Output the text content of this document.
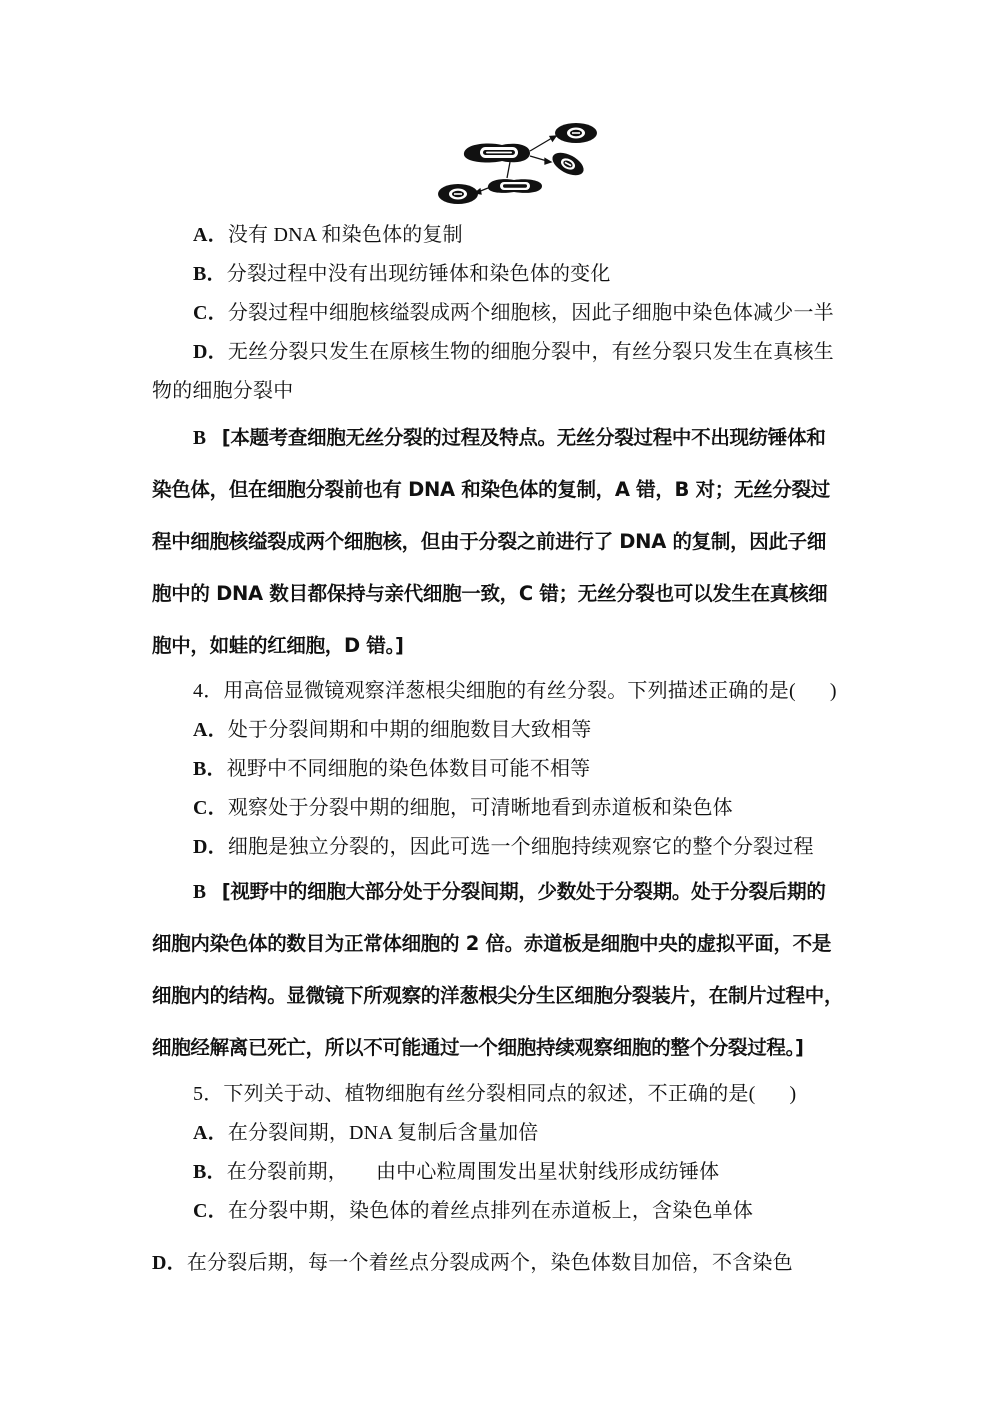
A．没有 DNA 和染色体的复制
B．分裂过程中没有出现纺锤体和染色体的变化
C．分裂过程中细胞核缢裂成两个细胞核，因此子细胞中染色体减少一半
D．无丝分裂只发生在原核生物的细胞分裂中，有丝分裂只发生在真核生
物的细胞分裂中
B [本题考查细胞无丝分裂的过程及特点。无丝分裂过程中不出现纺锤体和
染色体，但在细胞分裂前也有 DNA 和染色体的复制，A 错，B 对；无丝分裂过
程中细胞核缢裂成两个细胞核，但由于分裂之前进行了 DNA 的复制，因此子细
胞中的 DNA 数目都保持与亲代细胞一致，C 错；无丝分裂也可以发生在真核细
胞中，如蛙的红细胞，D 错。]
4．用高倍显微镜观察洋葱根尖细胞的有丝分裂。下列描述正确的是( )
A．处于分裂间期和中期的细胞数目大致相等
B．视野中不同细胞的染色体数目可能不相等
C．观察处于分裂中期的细胞，可清晰地看到赤道板和染色体
D．细胞是独立分裂的，因此可选一个细胞持续观察它的整个分裂过程
B [视野中的细胞大部分处于分裂间期，少数处于分裂期。处于分裂后期的
细胞内染色体的数目为正常体细胞的 2 倍。赤道板是细胞中央的虚拟平面，不是
细胞内的结构。显微镜下所观察的洋葱根尖分生区细胞分裂装片，在制片过程中，
细胞经解离已死亡，所以不可能通过一个细胞持续观察细胞的整个分裂过程。]
5．下列关于动、植物细胞有丝分裂相同点的叙述，不正确的是( )
A．在分裂间期，DNA 复制后含量加倍
B．在分裂前期， 由中心粒周围发出星状射线形成纺锤体
C．在分裂中期，染色体的着丝点排列在赤道板上，含染色单体
D．在分裂后期，每一个着丝点分裂成两个，染色体数目加倍，不含染色
